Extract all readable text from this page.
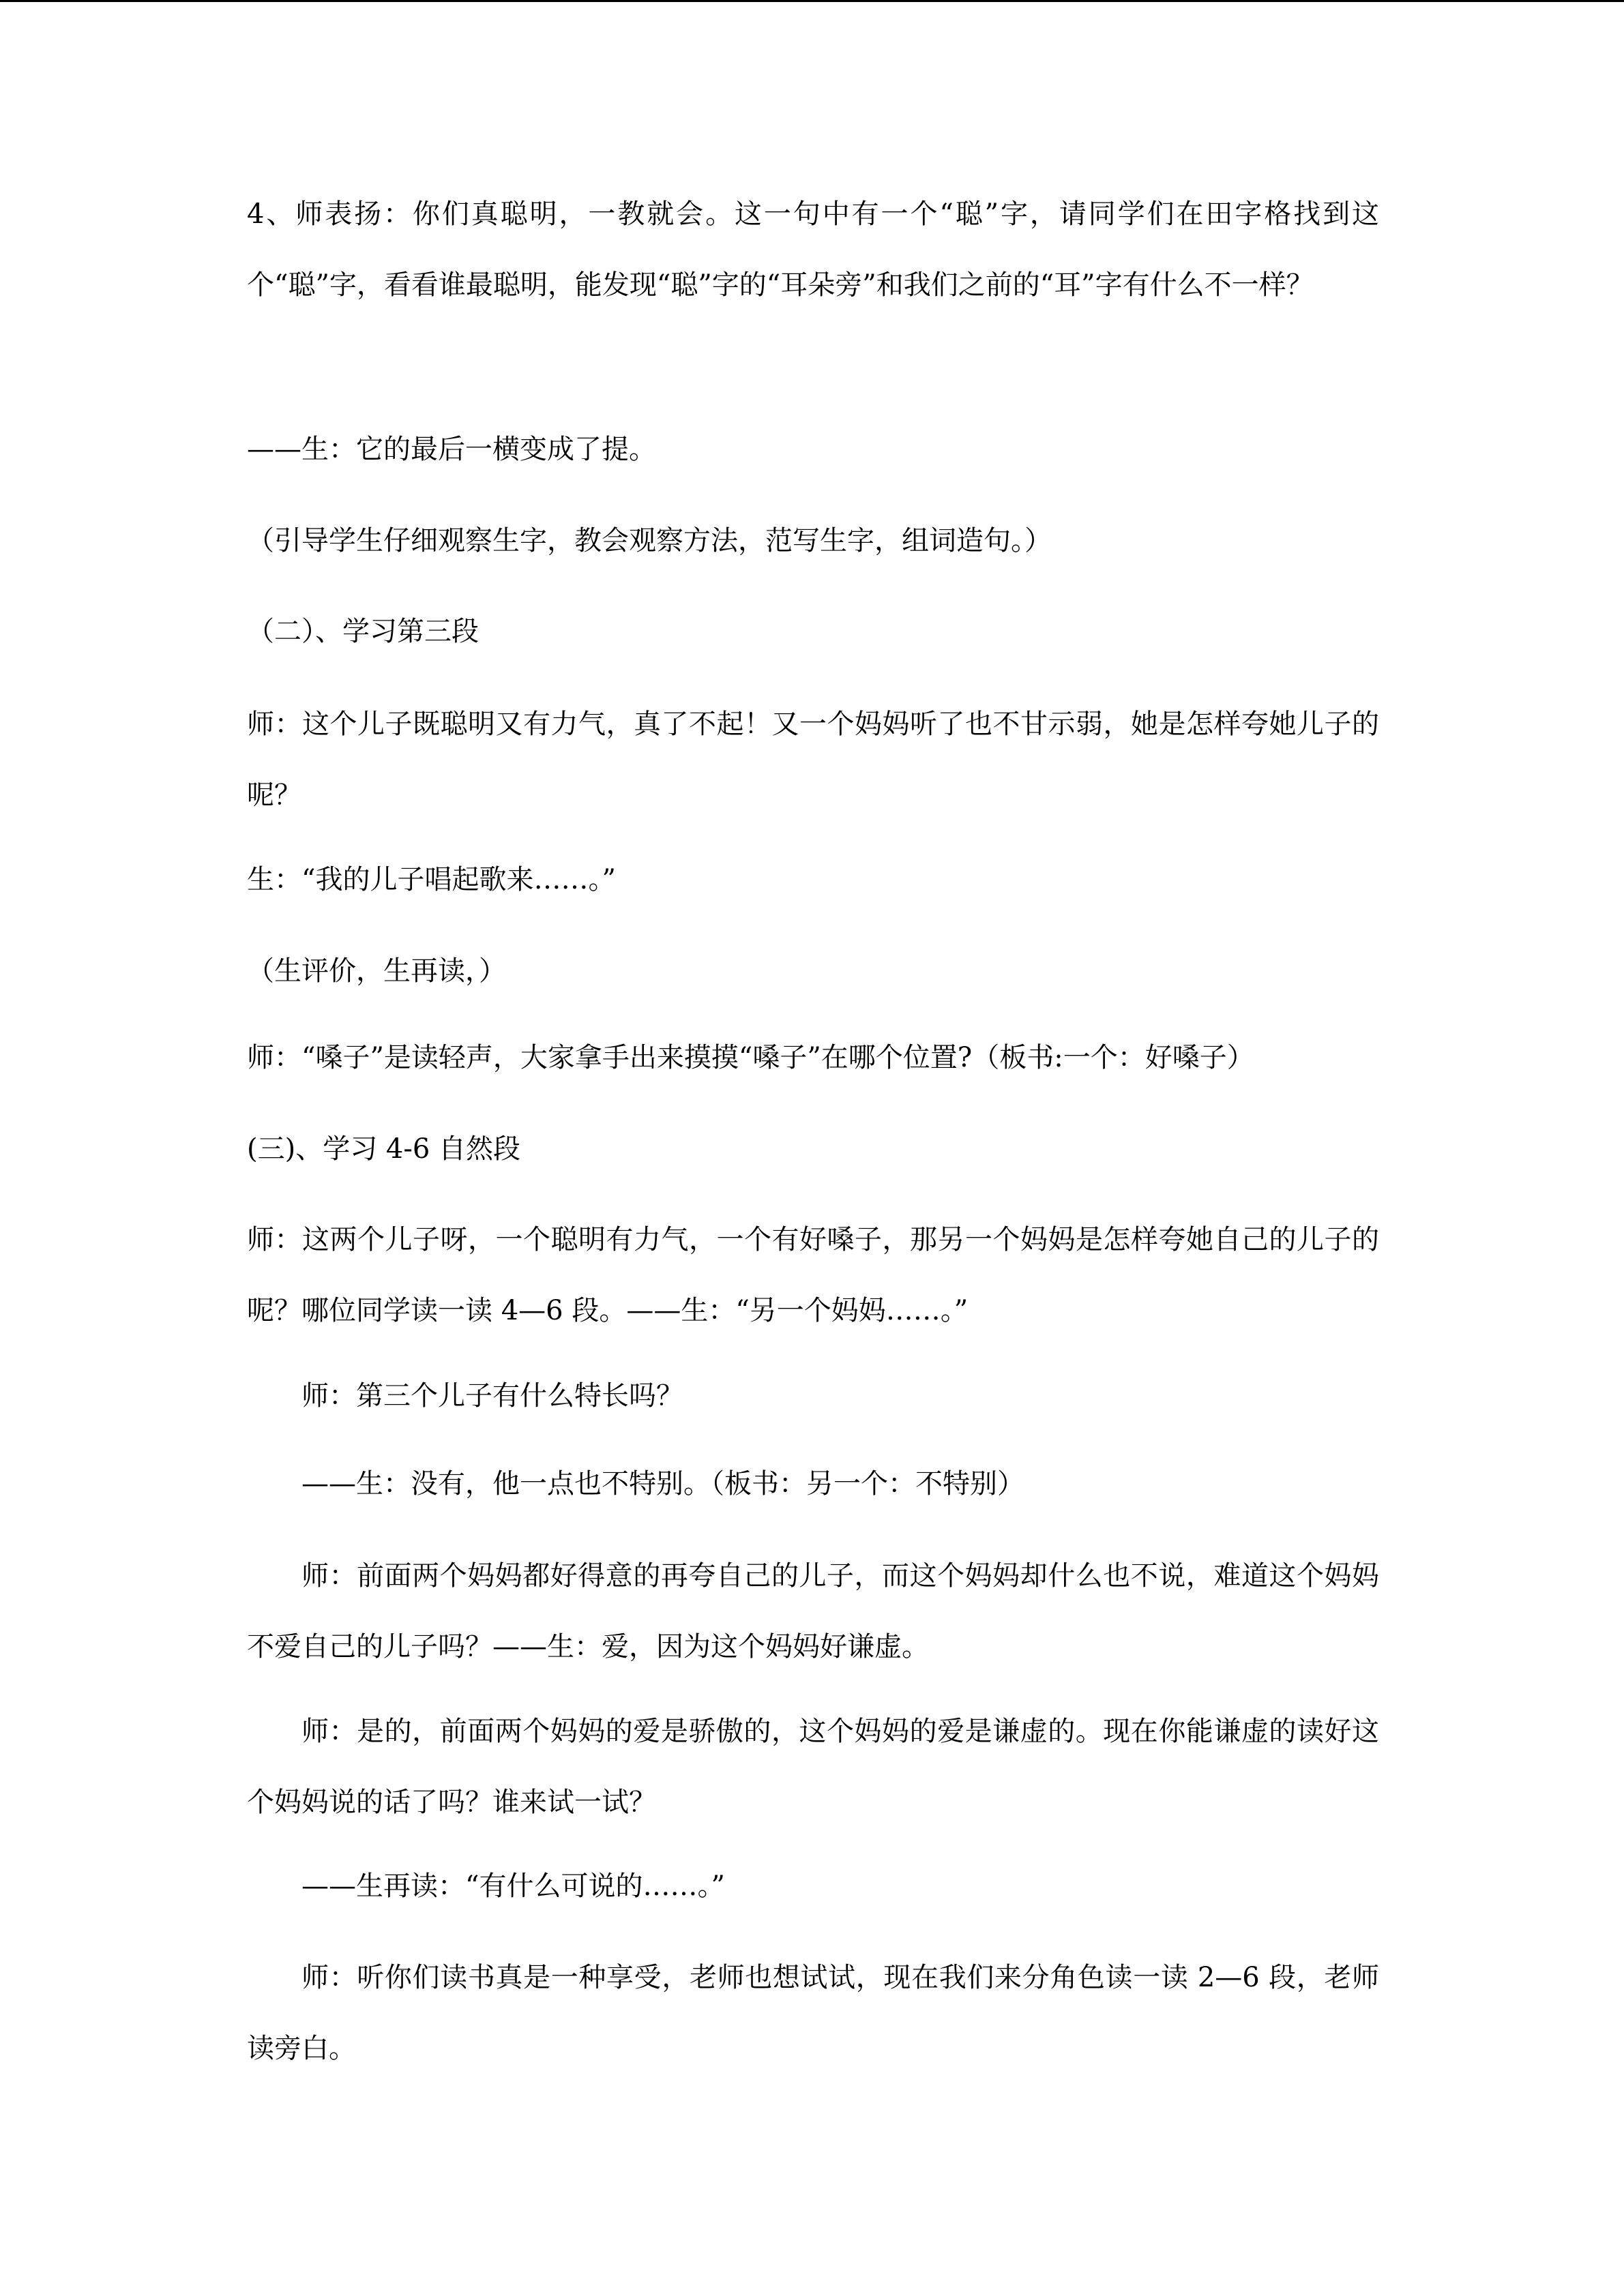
4、师表扬：你们真聪明，一教就会。这一句中有一个“聪”字，请同学们在田字格找到这个“聪”字，看看谁最聪明，能发现“聪”字的“耳朵旁”和我们之前的“耳”字有什么不一样？

——生：它的最后一横变成了提。

（引导学生仔细观察生字，教会观察方法，范写生字，组词造句。）

（二）、学习第三段

师：这个儿子既聪明又有力气，真了不起！又一个妈妈听了也不甘示弱，她是怎样夸她儿子的呢？

生：“我的儿子唱起歌来……。”

（生评价，生再读，）

师：“嗓子”是读轻声，大家拿手出来摸摸“嗓子”在哪个位置?（板书:一个：好嗓子）

(三)、学习 4-6 自然段

师：这两个儿子呀，一个聪明有力气，一个有好嗓子，那另一个妈妈是怎样夸她自己的儿子的呢？哪位同学读一读 4—6 段。——生：“另一个妈妈……。”

师：第三个儿子有什么特长吗？

——生：没有，他一点也不特别。（板书：另一个：不特别）

师：前面两个妈妈都好得意的再夸自己的儿子，而这个妈妈却什么也不说，难道这个妈妈不爱自己的儿子吗？——生：爱，因为这个妈妈好谦虚。

师：是的，前面两个妈妈的爱是骄傲的，这个妈妈的爱是谦虚的。现在你能谦虚的读好这个妈妈说的话了吗？谁来试一试？

——生再读：“有什么可说的……。”

师：听你们读书真是一种享受，老师也想试试，现在我们来分角色读一读 2—6 段，老师读旁白。
